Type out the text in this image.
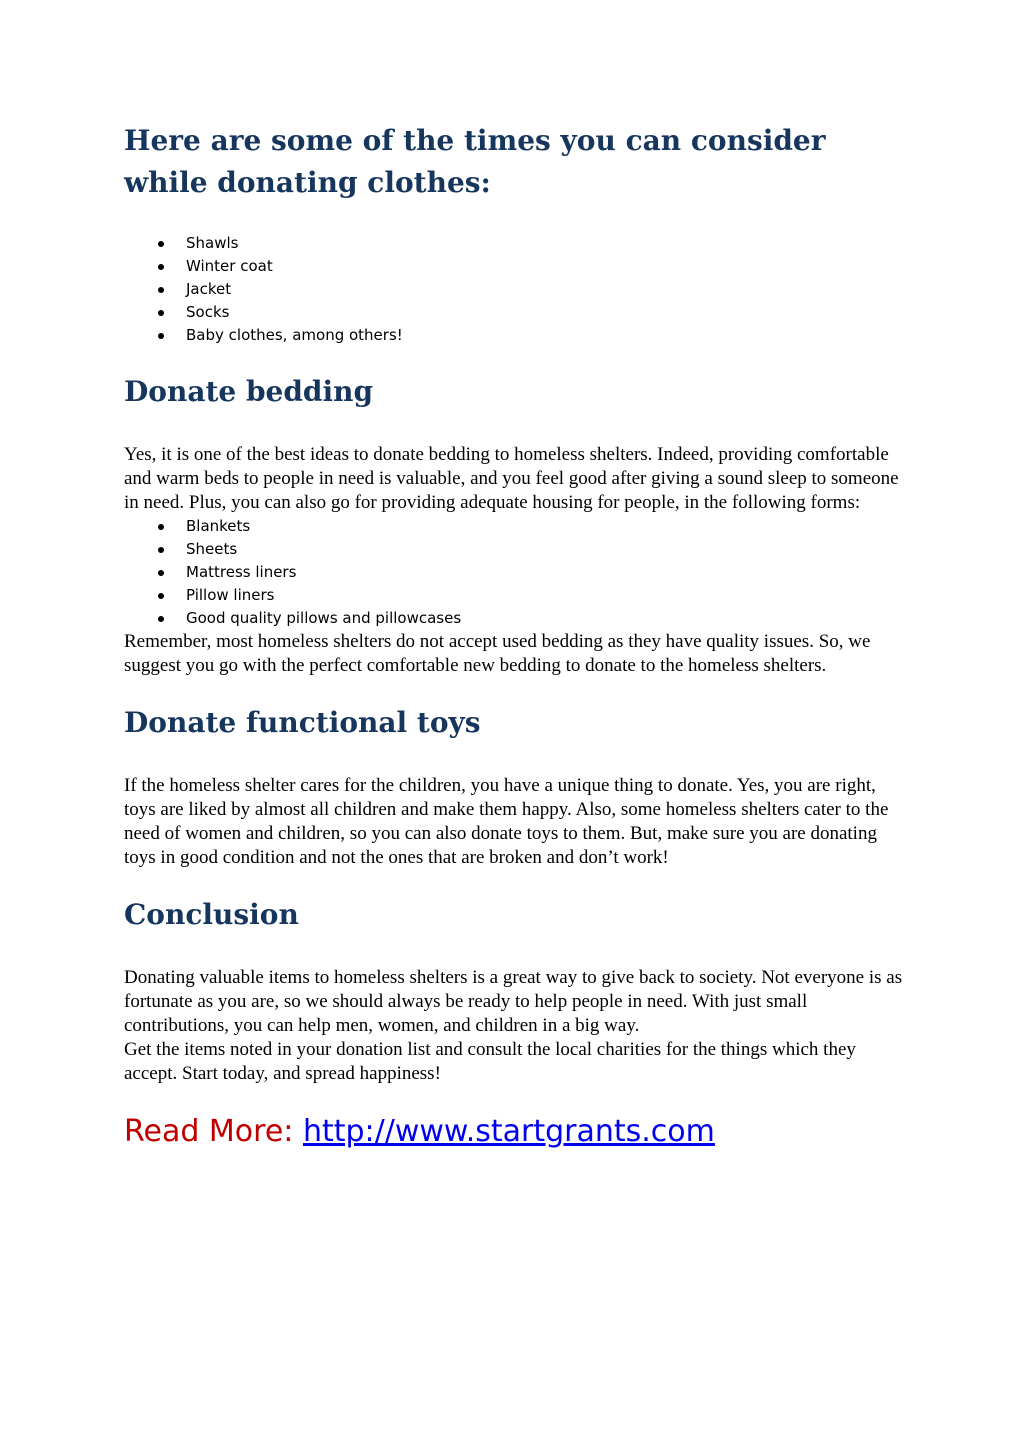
Here are some of the times you can consider while donating clothes:
Shawls
Winter coat
Jacket
Socks
Baby clothes, among others!
Donate bedding

Yes, it is one of the best ideas to donate bedding to homeless shelters. Indeed, providing comfortable and warm beds to people in need is valuable, and you feel good after giving a sound sleep to someone in need. Plus, you can also go for providing adequate housing for people, in the following forms:

Blankets
Sheets
Mattress liners
Pillow liners
Good quality pillows and pillowcases

Remember, most homeless shelters do not accept used bedding as they have quality issues. So, we suggest you go with the perfect comfortable new bedding to donate to the homeless shelters.

Donate functional toys

If the homeless shelter cares for the children, you have a unique thing to donate. Yes, you are right, toys are liked by almost all children and make them happy. Also, some homeless shelters cater to the need of women and children, so you can also donate toys to them. But, make sure you are donating toys in good condition and not the ones that are broken and don’t work!

Conclusion

Donating valuable items to homeless shelters is a great way to give back to society. Not everyone is as fortunate as you are, so we should always be ready to help people in need. With just small contributions, you can help men, women, and children in a big way.

Get the items noted in your donation list and consult the local charities for the things which they accept. Start today, and spread happiness!

Read More: http://www.startgrants.com
